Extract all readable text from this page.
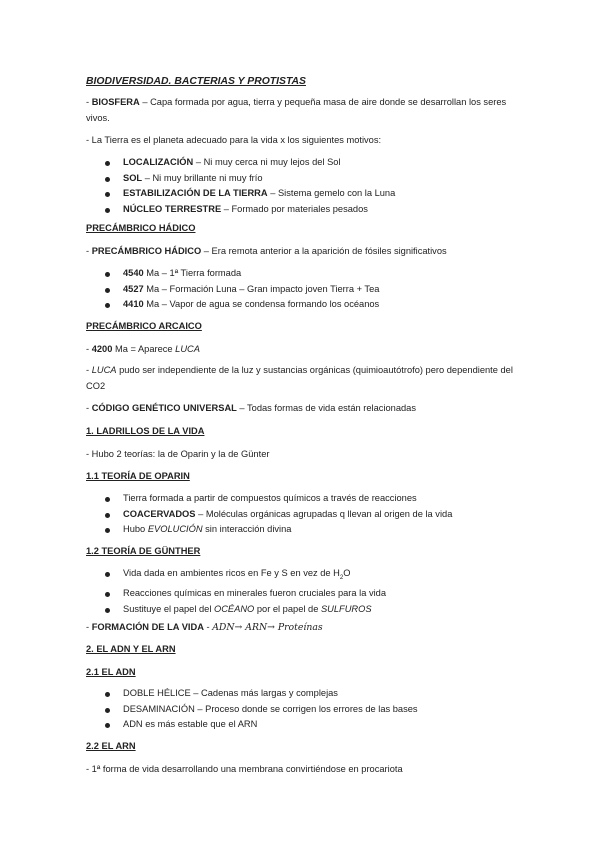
BIODIVERSIDAD. BACTERIAS Y PROTISTAS
- BIOSFERA – Capa formada por agua, tierra y pequeña masa de aire donde se desarrollan los seres vivos.
- La Tierra es el planeta adecuado para la vida x los siguientes motivos:
LOCALIZACIÓN – Ni muy cerca ni muy lejos del Sol
SOL – Ni muy brillante ni muy frío
ESTABILIZACIÓN DE LA TIERRA – Sistema gemelo con la Luna
NÚCLEO TERRESTRE – Formado por materiales pesados
PRECÁMBRICO HÁDICO
- PRECÁMBRICO HÁDICO – Era remota anterior a la aparición de fósiles significativos
4540 Ma – 1ª Tierra formada
4527 Ma – Formación Luna – Gran impacto joven Tierra + Tea
4410 Ma – Vapor de agua se condensa formando los océanos
PRECÁMBRICO ARCAICO
- 4200 Ma = Aparece LUCA
- LUCA pudo ser independiente de la luz y sustancias orgánicas (quimioautótrofo) pero dependiente del CO2
- CÓDIGO GENÉTICO UNIVERSAL – Todas formas de vida están relacionadas
1. LADRILLOS DE LA VIDA
- Hubo 2 teorías: la de Oparin y la de Günter
1.1 TEORÍA DE OPARIN
Tierra formada a partir de compuestos químicos a través de reacciones
COACERVADOS – Moléculas orgánicas agrupadas q llevan al origen de la vida
Hubo EVOLUCIÓN sin interacción divina
1.2 TEORÍA DE GÜNTHER
Vida dada en ambientes ricos en Fe y S en vez de $H_2O$
Reacciones químicas en minerales fueron cruciales para la vida
Sustituye el papel del OCÉANO por el papel de SULFUROS
- FORMACIÓN DE LA VIDA - ADN→ ARN→ Proteínas
2. EL ADN Y EL ARN
2.1 EL ADN
DOBLE HÉLICE – Cadenas más largas y complejas
DESAMINACIÓN – Proceso donde se corrigen los errores de las bases
ADN es más estable que el ARN
2.2 EL ARN
- 1ª forma de vida desarrollando una membrana convirtiéndose en procariota
